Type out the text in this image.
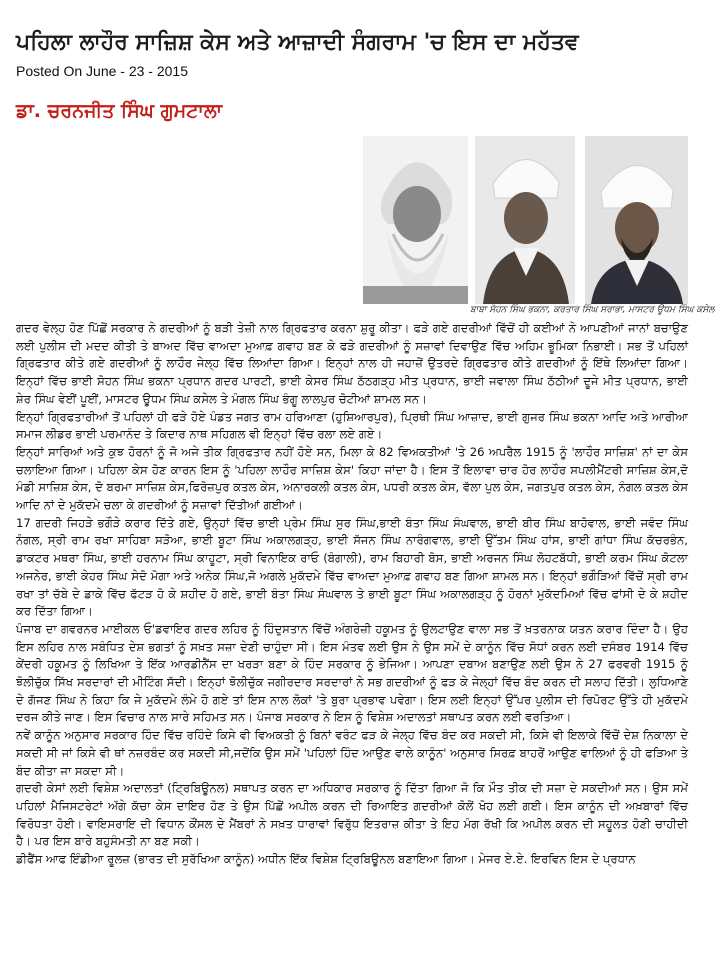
ਪਹਿਲਾ ਲਾਹੌਰ ਸਾਜ਼ਿਸ਼ ਕੇਸ ਅਤੇ ਆਜ਼ਾਦੀ ਸੰਗਰਾਮ 'ਚ ਇਸ ਦਾ ਮਹੱਤਵ
Posted On June - 23 - 2015
ਡਾ. ਚਰਨਜੀਤ ਸਿੰਘ ਗੁਮਟਾਲਾ
ਬਾਬਾ ਸੋਹਨ ਸਿੰਘ ਭਕਨਾ, ਕਰਤਾਰ ਸਿੰਘ ਸਰਾਭਾ, ਮਾਸਟਰ ਊਧਮ ਸਿੰਘ ਕਸੇਲ

ਗਦਰ ਵੇਲ੍ਹ ਹੋਣ ਪਿੱਛੋਂ ਸਰਕਾਰ ਨੇ ਗਦਰੀਆਂ ਨੂੰ ਬੜੀ ਤੇਜ਼ੀ ਨਾਲ ਗ੍ਰਿਫਤਾਰ ਕਰਨਾ ਸ਼ੁਰੂ ਕੀਤਾ। ਫੜੇ ਗਏ ਗਦਰੀਆਂ ਵਿੱਚੋਂ ਹੀ ਕਈਆਂ ਨੇ ਆਪਣੀਆਂ ਜਾਨਾਂ ਬਚਾਉਣ ਲਈ ਪੁਲੀਸ ਦੀ ਮਦਦ ਕੀਤੀ ਤੇ ਬਾਅਦ ਵਿੱਚ ਵਾਅਦਾ ਮੁਆਫ਼ ਗਵਾਹ ਬਣ ਕੇ ਫੜੇ ਗਦਰੀਆਂ ਨੂੰ ਸਜ਼ਾਵਾਂ ਦਿਵਾਉਣ ਵਿੱਚ ਅਹਿਮ ਭੂਮਿਕਾ ਨਿਭਾਈ। ਸਭ ਤੋਂ ਪਹਿਲਾਂ ਗ੍ਰਿਫਤਾਰ ਕੀਤੇ ਗਏ ਗਦਰੀਆਂ ਨੂੰ ਲਾਹੌਰ ਜੇਲ੍ਹ ਵਿੱਚ ਲਿਆਂਦਾ ਗਿਆ। ਇਨ੍ਹਾਂ ਨਾਲ ਹੀ ਜਹਾਜ਼ੋਂ ਉਤਰਦੇ ਗ੍ਰਿਫਤਾਰ ਕੀਤੇ ਗਦਰੀਆਂ ਨੂੰ ਇੱਥੇ ਲਿਆਂਦਾ ਗਿਆ। ਇਨ੍ਹਾਂ ਵਿੱਚ ਭਾਈ ਸੋਹਨ ਸਿੰਘ ਭਕਨਾ ਪ੍ਰਧਾਨ ਗਦਰ ਪਾਰਟੀ, ਭਾਈ ਕੇਸਰ ਸਿੰਘ ਠੱਠਗੜ੍ਹ ਮੀਤ ਪ੍ਰਧਾਨ, ਭਾਈ ਜਵਾਲਾ ਸਿੰਘ ਠੱਠੀਆਂ ਦੂਜੇ ਮੀਤ ਪ੍ਰਧਾਨ, ਭਾਈ ਸ਼ੇਰ ਸਿੰਘ ਵੇਈਂ ਪੂਈਂ, ਮਾਸਟਰ ਊਧਮ ਸਿੰਘ ਕਸੇਲ ਤੇ ਮੰਗਲ ਸਿੰਘ ਭੰਗੂ ਲਾਲਪੁਰ ਚੋਟੀਆਂ ਸ਼ਾਮਲ ਸਨ।

ਇਨ੍ਹਾਂ ਗ੍ਰਿਫਤਾਰੀਆਂ ਤੋਂ ਪਹਿਲਾਂ ਹੀ ਫੜੇ ਹੋਏ ਪੰਡਤ ਜਗਤ ਰਾਮ ਹਰਿਆਣਾ (ਹੁਸ਼ਿਆਰਪੁਰ), ਪ੍ਰਿਥੀ ਸਿੰਘ ਆਜ਼ਾਦ, ਭਾਈ ਗੁਜਰ ਸਿੰਘ ਭਕਨਾ ਆਦਿ ਅਤੇ ਆਰੀਆ ਸਮਾਜ ਲੀਡਰ ਭਾਈ ਪਰਮਾਨੰਦ ਤੇ ਕਿਦਾਰ ਨਾਥ ਸਹਿਗਲ ਵੀ ਇਨ੍ਹਾਂ ਵਿੱਚ ਰਲਾ ਲਏ ਗਏ।

ਇਨ੍ਹਾਂ ਸਾਰਿਆਂ ਅਤੇ ਕੁਝ ਹੋਰਨਾਂ ਨੂੰ ਜੋ ਅਜੇ ਤੀਕ ਗ੍ਰਿਫਤਾਰ ਨਹੀਂ ਹੋਏ ਸਨ, ਮਿਲਾ ਕੇ 82 ਵਿਅਕਤੀਆਂ 'ਤੇ 26 ਅਪਰੈਲ 1915 ਨੂੰ 'ਲਾਹੌਰ ਸਾਜ਼ਿਸ਼' ਨਾਂ ਦਾ ਕੇਸ ਚਲਾਇਆ ਗਿਆ। ਪਹਿਲਾ ਕੇਸ ਹੋਣ ਕਾਰਨ ਇਸ ਨੂੰ 'ਪਹਿਲਾ ਲਾਹੌਰ ਸਾਜ਼ਿਸ਼ ਕੇਸ' ਕਿਹਾ ਜਾਂਦਾ ਹੈ। ਇਸ ਤੋਂ ਇਲਾਵਾ ਚਾਰ ਹੋਰ ਲਾਹੌਰ ਸਪਲੀਮੈਂਟਰੀ ਸਾਜ਼ਿਸ਼ ਕੇਸ,ਦੋ ਮੰਡੀ ਸਾਜ਼ਿਸ਼ ਕੇਸ, ਦੋ ਬਰਮਾ ਸਾਜ਼ਿਸ਼ ਕੇਸ,ਫਿਰੋਜ਼ਪੁਰ ਕਤਲ ਕੇਸ, ਅਨਾਰਕਲੀ ਕਤਲ ਕੇਸ, ਪਧਰੀ ਕਤਲ ਕੇਸ, ਵੱਲਾ ਪੁਲ ਕੇਸ, ਜਗਤਪੁਰ ਕਤਲ ਕੇਸ, ਨੰਗਲ ਕਤਲ ਕੇਸ ਆਦਿ ਨਾਂ ਦੇ ਮੁਕੱਦਮੇ ਚਲਾ ਕੇ ਗਦਰੀਆਂ ਨੂੰ ਸਜ਼ਾਵਾਂ ਦਿੱਤੀਆਂ ਗਈਆਂ।

17 ਗਦਰੀ ਜਿਹੜੇ ਭਗੌੜੇ ਕਰਾਰ ਦਿੱਤੇ ਗਏ, ਉਨ੍ਹਾਂ ਵਿੱਚ ਭਾਈ ਪ੍ਰੇਮ ਸਿੰਘ ਸੁਰ ਸਿੰਘ,ਭਾਈ ਬੰਤਾ ਸਿੰਘ ਸੰਘਵਾਲ, ਭਾਈ ਬੀਰ ਸਿੰਘ ਬਾਹੋਵਾਲ, ਭਾਈ ਜਵੰਦ ਸਿੰਘ ਨੰਗਲ, ਸ੍ਰੀ ਰਾਮ ਰਖਾ ਸਾਹਿਬਾ ਸੜੋਆ, ਭਾਈ ਬੂਟਾ ਸਿੰਘ ਅਕਾਲਗੜ੍ਹ, ਭਾਈ ਸੱਜਨ ਸਿੰਘ ਨਾਰੰਗਵਾਲ, ਭਾਈ ਉੱਤਮ ਸਿੰਘ ਹਾਂਸ, ਭਾਈ ਗਾਂਧਾ ਸਿੰਘ ਕੱਚਰਭੰਨ, ਡਾਕਟਰ ਮਥਰਾ ਸਿੰਘ, ਭਾਈ ਹਰਨਾਮ ਸਿੰਘ ਕਾਹੂਟਾ, ਸ੍ਰੀ ਵਿਨਾਇਕ ਰਾਓ (ਬੰਗਾਲੀ), ਰਾਮ ਬਿਹਾਰੀ ਬੋਸ, ਭਾਈ ਅਰਜਨ ਸਿੰਘ ਲੋਹਟਬੱਧੀ, ਭਾਈ ਕਰਮ ਸਿੰਘ ਕੋਟਲਾ ਅਜਨੇਰ, ਭਾਈ ਕੇਹਰ ਸਿੰਘ ਸੇਦੋ ਮੋਗਾ ਅਤੇ ਅਨੇਕ ਸਿੰਘ,ਜੋ ਅਗਲੇ ਮੁਕੱਦਮੇ ਵਿੱਚ ਵਾਅਦਾ ਮੁਆਫ਼ ਗਵਾਹ ਬਣ ਗਿਆ ਸ਼ਾਮਲ ਸਨ। ਇਨ੍ਹਾਂ ਭਗੌੜਿਆਂ ਵਿੱਚੋਂ ਸ੍ਰੀ ਰਾਮ ਰਖਾ ਤਾਂ ਚੱਬੇ ਦੇ ਡਾਕੇ ਵਿੱਚ ਫੱਟੜ ਹੋ ਕੇ ਸ਼ਹੀਦ ਹੋ ਗਏ, ਭਾਈ ਬੰਤਾ ਸਿੰਘ ਸੰਘਵਾਲ ਤੇ ਭਾਈ ਬੂਟਾ ਸਿੰਘ ਅਕਾਲਗੜ੍ਹ ਨੂੰ ਹੋਰਨਾਂ ਮੁਕੱਦਮਿਆਂ ਵਿੱਚ ਫਾਂਸੀ ਦੇ ਕੇ ਸ਼ਹੀਦ ਕਰ ਦਿੱਤਾ ਗਿਆ।

ਪੰਜਾਬ ਦਾ ਗਵਰਨਰ ਮਾਈਕਲ ਓ'ਡਵਾਇਰ ਗਦਰ ਲਹਿਰ ਨੂੰ ਹਿੰਦੁਸਤਾਨ ਵਿੱਚੋਂ ਅੰਗਰੇਜ਼ੀ ਹਕੂਮਤ ਨੂੰ ਉਲਟਾਉਣ ਵਾਲਾ ਸਭ ਤੋਂ ਖ਼ਤਰਨਾਕ ਯਤਨ ਕਰਾਰ ਦਿੰਦਾ ਹੈ। ਉਹ ਇਸ ਲਹਿਰ ਨਾਲ ਸਬੰਧਿਤ ਦੇਸ਼ ਭਗਤਾਂ ਨੂੰ ਸਖ਼ਤ ਸਜ਼ਾ ਦੇਣੀ ਚਾਹੁੰਦਾ ਸੀ। ਇਸ ਮੰਤਵ ਲਈ ਉਸ ਨੇ ਉਸ ਸਮੇਂ ਦੇ ਕਾਨੂੰਨ ਵਿੱਚ ਸੋਧਾਂ ਕਰਨ ਲਈ ਦਸੰਬਰ 1914 ਵਿੱਚ ਕੇਂਦਰੀ ਹਕੂਮਤ ਨੂੰ ਲਿਖਿਆ ਤੇ ਇੱਕ ਆਰਡੀਨੈਂਸ ਦਾ ਖਰੜਾ ਬਣਾ ਕੇ ਹਿੰਦ ਸਰਕਾਰ ਨੂੰ ਭੇਜਿਆ। ਆਪਣਾ ਦਬਾਅ ਬਣਾਉਣ ਲਈ ਉਸ ਨੇ 27 ਫਰਵਰੀ 1915 ਨੂੰ ਝੋਲੀਚੁੱਕ ਸਿੱਖ ਸਰਦਾਰਾਂ ਦੀ ਮੀਟਿੰਗ ਸੱਦੀ। ਇਨ੍ਹਾਂ ਝੋਲੀਚੁੱਕ ਜਗੀਰਦਾਰ ਸਰਦਾਰਾਂ ਨੇ ਸਭ ਗਦਰੀਆਂ ਨੂੰ ਫੜ ਕੇ ਜੇਲ੍ਹਾਂ ਵਿੱਚ ਬੰਦ ਕਰਨ ਦੀ ਸਲਾਹ ਦਿੱਤੀ। ਲੁਧਿਆਣੇ ਦੇ ਗੱਜਣ ਸਿੰਘ ਨੇ ਕਿਹਾ ਕਿ ਜੇ ਮੁਕੱਦਮੇ ਲੰਮੇ ਹੋ ਗਏ ਤਾਂ ਇਸ ਨਾਲ ਲੋਕਾਂ 'ਤੇ ਬੁਰਾ ਪ੍ਰਭਾਵ ਪਵੇਗਾ। ਇਸ ਲਈ ਇਨ੍ਹਾਂ ਉੱਪਰ ਪੁਲੀਸ ਦੀ ਰਿਪੋਰਟ ਉੱਤੇ ਹੀ ਮੁਕੱਦਮੇ ਦਰਜ ਕੀਤੇ ਜਾਣ। ਇਸ ਵਿਚਾਰ ਨਾਲ ਸਾਰੇ ਸਹਿਮਤ ਸਨ। ਪੰਜਾਬ ਸਰਕਾਰ ਨੇ ਇਸ ਨੂੰ ਵਿਸ਼ੇਸ਼ ਅਦਾਲਤਾਂ ਸਥਾਪਤ ਕਰਨ ਲਈ ਵਰਤਿਆ।

ਨਵੇਂ ਕਾਨੂੰਨ ਅਨੁਸਾਰ ਸਰਕਾਰ ਹਿੰਦ ਵਿੱਚ ਰਹਿੰਦੇ ਕਿਸੇ ਵੀ ਵਿਅਕਤੀ ਨੂੰ ਬਿਨਾਂ ਵਰੰਟ ਫੜ ਕੇ ਜੇਲ੍ਹ ਵਿੱਚ ਬੰਦ ਕਰ ਸਕਦੀ ਸੀ, ਕਿਸੇ ਵੀ ਇਲਾਕੇ ਵਿੱਚੋਂ ਦੇਸ਼ ਨਿਕਾਲਾ ਦੇ ਸਕਦੀ ਸੀ ਜਾਂ ਕਿਸੇ ਵੀ ਥਾਂ ਨਜ਼ਰਬੰਦ ਕਰ ਸਕਦੀ ਸੀ,ਜਦੋਂਕਿ ਉਸ ਸਮੇਂ 'ਪਹਿਲਾਂ ਹਿੰਦ ਆਉਣ ਵਾਲੇ ਕਾਨੂੰਨ' ਅਨੁਸਾਰ ਸਿਰਫ਼ ਬਾਹਰੋਂ ਆਉਣ ਵਾਲਿਆਂ ਨੂੰ ਹੀ ਫੜਿਆ ਤੇ ਬੰਦ ਕੀਤਾ ਜਾ ਸਕਦਾ ਸੀ।

ਗਦਰੀ ਕੇਸਾਂ ਲਈ ਵਿਸ਼ੇਸ਼ ਅਦਾਲਤਾਂ (ਟ੍ਰਿਬਿਊਨਲ) ਸਥਾਪਤ ਕਰਨ ਦਾ ਅਧਿਕਾਰ ਸਰਕਾਰ ਨੂੰ ਦਿੱਤਾ ਗਿਆ ਜੋ ਕਿ ਮੌਤ ਤੀਕ ਦੀ ਸਜ਼ਾ ਦੇ ਸਕਦੀਆਂ ਸਨ। ਉਸ ਸਮੇਂ ਪਹਿਲਾਂ ਮੈਜਿਸਟਰੇਟਾਂ ਅੱਗੇ ਕੱਚਾ ਕੇਸ ਦਾਇਰ ਹੋਣ ਤੇ ਉਸ ਪਿੱਛੋਂ ਅਪੀਲ ਕਰਨ ਦੀ ਰਿਆਇਤ ਗਦਰੀਆਂ ਕੋਲੋਂ ਖੋਹ ਲਈ ਗਈ। ਇਸ ਕਾਨੂੰਨ ਦੀ ਅਖ਼ਬਾਰਾਂ ਵਿੱਚ ਵਿਰੋਧਤਾ ਹੋਈ। ਵਾਇਸਰਾਇ ਦੀ ਵਿਧਾਨ ਕੌਂਸਲ ਦੇ ਮੈਂਬਰਾਂ ਨੇ ਸਖ਼ਤ ਧਾਰਾਵਾਂ ਵਿਰੁੱਧ ਇਤਰਾਜ਼ ਕੀਤਾ ਤੇ ਇਹ ਮੰਗ ਰੱਖੀ ਕਿ ਅਪੀਲ ਕਰਨ ਦੀ ਸਹੂਲਤ ਹੋਣੀ ਚਾਹੀਦੀ ਹੈ। ਪਰ ਇਸ ਬਾਰੇ ਬਹੁਸੰਮਤੀ ਨਾ ਬਣ ਸਕੀ।

ਡੀਫੈਂਸ ਆਫ ਇੰਡੀਆ ਰੂਲਜ਼ (ਭਾਰਤ ਦੀ ਸੁਰੱਖਿਆ ਕਾਨੂੰਨ) ਅਧੀਨ ਇੱਕ ਵਿਸ਼ੇਸ਼ ਟ੍ਰਿਬਿਊਨਲ ਬਣਾਇਆ ਗਿਆ। ਮੇਜਰ ਏ.ਏ. ਇਰਵਿਨ ਇਸ ਦੇ ਪ੍ਰਧਾਨ
